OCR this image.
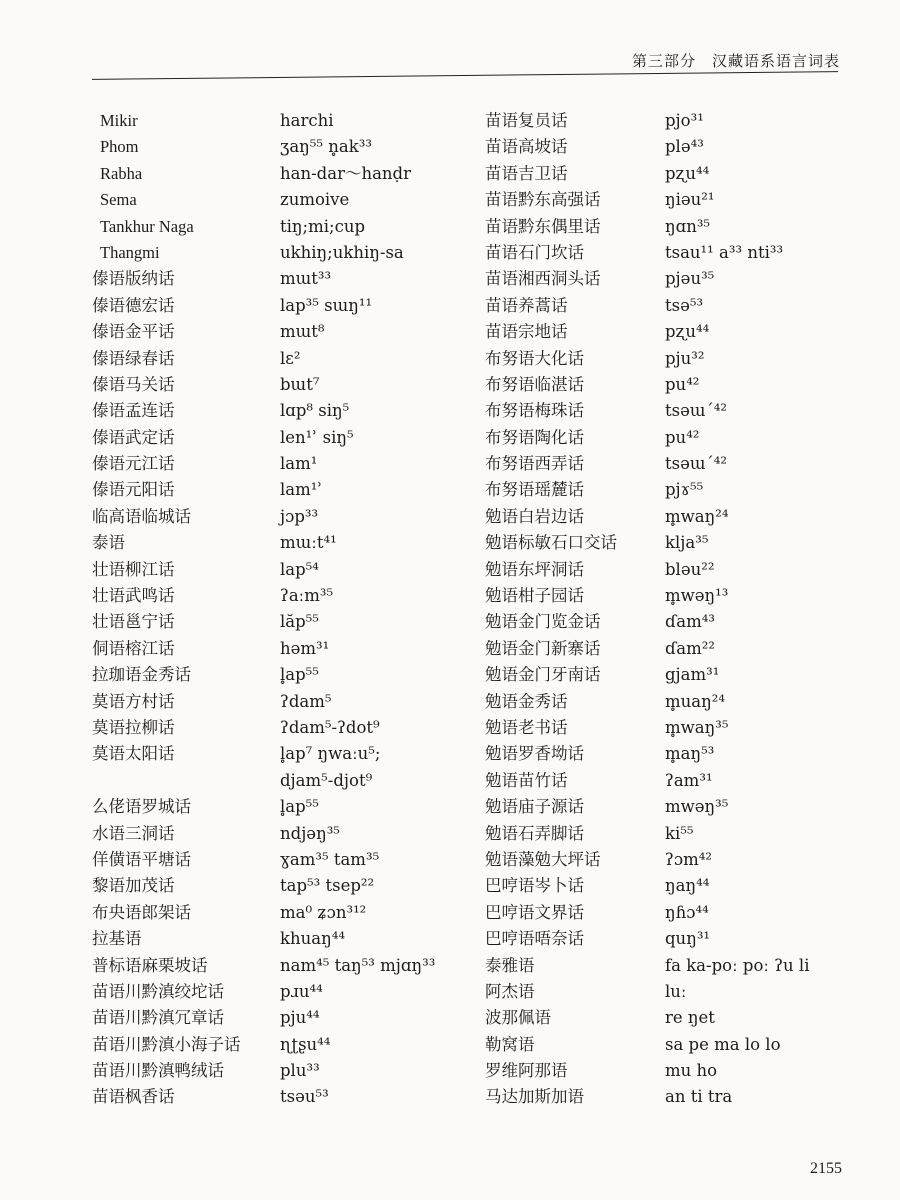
第三部分　汉藏语系语言词表
Mikir	harchi
Phom	ʒaŋ⁵⁵ n̥ak³³
Rabha	han-dar～hanḍr
Sema	zumoive
Tankhur Naga	tiŋ;mi;cup
Thangmi	ukhiŋ;ukhiŋ-sa
傣语版纳话	mɯt³³
傣语德宏话	lap³⁵ sɯŋ¹¹
傣语金平话	mɯt⁸
傣语绿春话	lɛ²
傣语马关话	bɯt⁷
傣语孟连话	lɑp⁸ siŋ⁵
傣语武定话	len¹ʾ siŋ⁵
傣语元江话	lam¹
傣语元阳话	lam¹ʾ
临高语临城话	jɔp³³
泰语	mɯːt⁴¹
壮语柳江话	lap⁵⁴
壮语武鸣话	ʔaːm³⁵
壮语邕宁话	lăp⁵⁵
侗语榕江话	həm³¹
拉珈语金秀话	l̥ap⁵⁵
莫语方村话	ʔdam⁵
莫语拉柳话	ʔdam⁵-ʔdot⁹
莫语太阳话	l̥ap⁷ ŋwaːu⁵;
djam⁵-djot⁹
么佬语罗城话	l̥ap⁵⁵
水语三洞话	ndjəŋ³⁵
佯僙语平塘话	ɣam³⁵ tam³⁵
黎语加茂话	tap⁵³ tsep²²
布央语郎架话	ma⁰ ʑɔn³¹²
拉基语	khuaŋ⁴⁴
普标语麻栗坡话	nam⁴⁵ taŋ⁵³ mjɑŋ³³
苗语川黔滇绞坨话	pɹu⁴⁴
苗语川黔滇冗章话	pju⁴⁴
苗语川黔滇小海子话	ɳʈʂu⁴⁴
苗语川黔滇鸭绒话	plu³³
苗语枫香话	tsəu⁵³
苗语复员话	pjo³¹
苗语高坡话	plə⁴³
苗语吉卫话	pʐu⁴⁴
苗语黔东高强话	ŋiəu²¹
苗语黔东偶里话	ŋɑn³⁵
苗语石门坎话	tsau¹¹ a³³ nti³³
苗语湘西洞头话	pjəu³⁵
苗语养蒿话	tsə⁵³
苗语宗地话	pʐu⁴⁴
布努语大化话	pju³²
布努语临湛话	pu⁴²
布努语梅珠话	tsəɯ´⁴²
布努语陶化话	pu⁴²
布努语西弄话	tsəɯ´⁴²
布努语瑶麓话	pjɤ⁵⁵
勉语白岩边话	m̥waŋ²⁴
勉语标敏石口交话	klja³⁵
勉语东坪洞话	bləu²²
勉语柑子园话	m̥wəŋ¹³
勉语金门览金话	ɗam⁴³
勉语金门新寨话	ɗam²²
勉语金门牙南话	gjam³¹
勉语金秀话	m̥uaŋ²⁴
勉语老书话	m̥waŋ³⁵
勉语罗香坳话	m̥aŋ⁵³
勉语苗竹话	ʔam³¹
勉语庙子源话	mwəŋ³⁵
勉语石弄脚话	ki⁵⁵
勉语藻勉大坪话	ʔɔm⁴²
巴哼语岑卜话	ŋaŋ⁴⁴
巴哼语文界话	ŋɦɔ⁴⁴
巴哼语唔奈话	quŋ³¹
泰雅语	fa ka-poː poː ʔu li
阿杰语	luː
波那佩语	re ŋet
勒窝语	sa pe ma lo lo
罗维阿那语	mu ho
马达加斯加语	an ti tra
2155
